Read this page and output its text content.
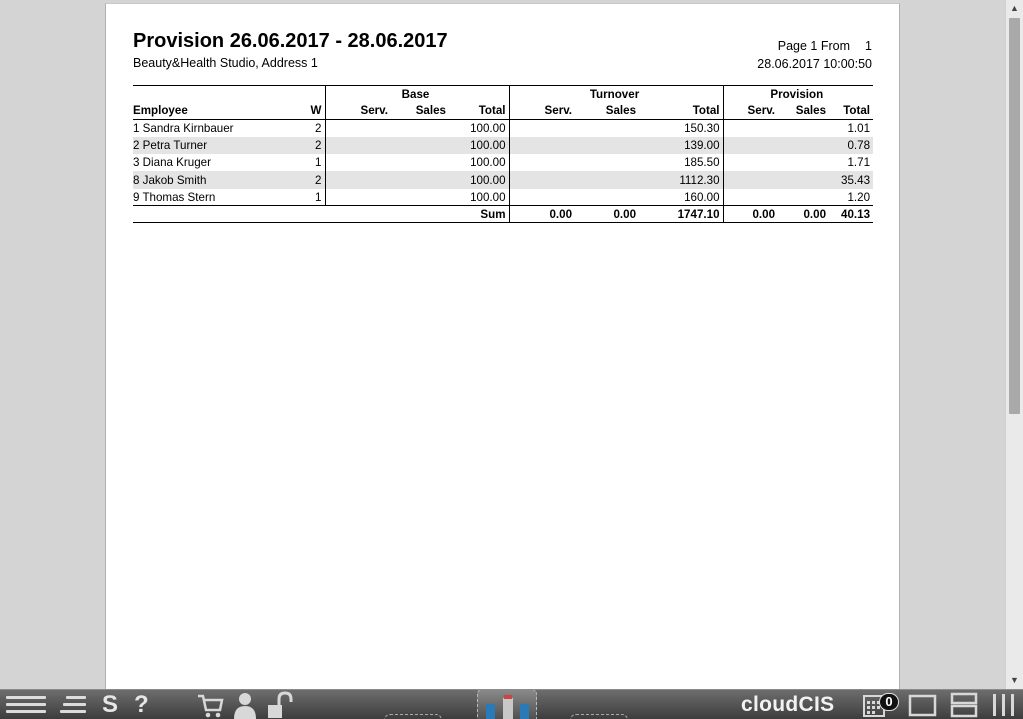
Provision 26.06.2017 - 28.06.2017
Beauty&Health Studio, Address 1
Page 1 From 1
28.06.2017 10:00:50
		Base			Turnover			Provision		
Employee	W	Serv.	Sales	Total	Serv.	Sales	Total	Serv.	Sales	Total
1 Sandra Kirnbauer	2			100.00			150.30			1.01
2 Petra Turner	2			100.00			139.00			0.78
3 Diana Kruger	1			100.00			185.50			1.71
8 Jakob Smith	2			100.00			1112.30			35.43
9 Thomas Stern	1			100.00			160.00			1.20
Sum					0.00	0.00	1747.10	0.00	0.00	40.13
▲
▼
S ?	cloudCIS	0
